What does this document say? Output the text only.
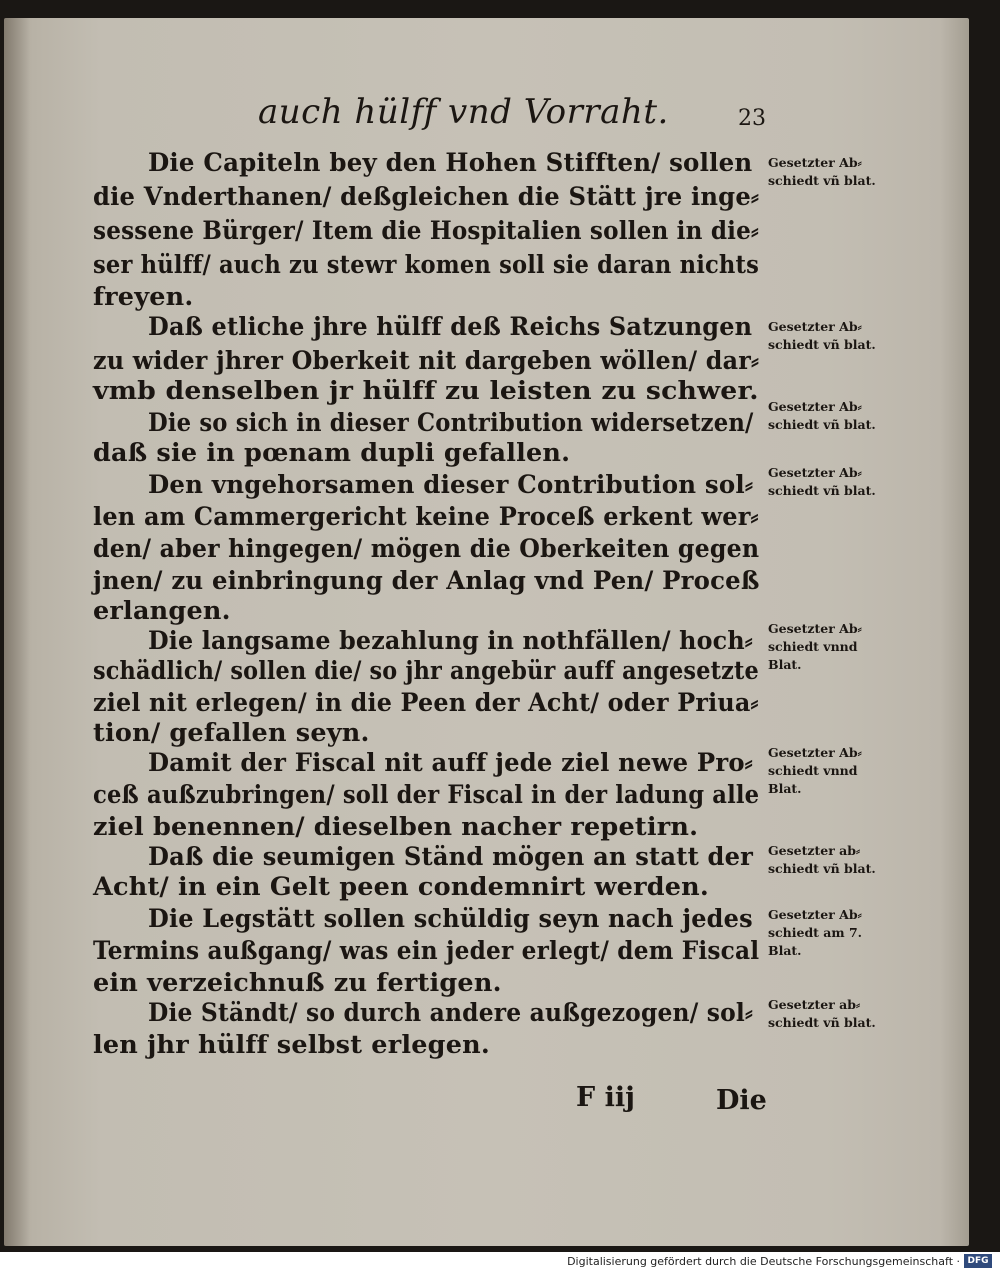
auch hülff vnd Vorraht.	23
Die Capiteln bey den Hohen Stifften/ sollen
die Vnderthanen/ deßgleichen die Stätt jre inge⸗
sessene Bürger/ Item die Hospitalien sollen in die⸗
ser hülff/ auch zu stewr komen soll sie daran nichts
freyen.
Daß etliche jhre hülff deß Reichs Satzungen
zu wider jhrer Oberkeit nit dargeben wöllen/ dar⸗
vmb denselben jr hülff zu leisten zu schwer.
Die so sich in dieser Contribution widersetzen/
daß sie in pœnam dupli gefallen.
Den vngehorsamen dieser Contribution sol⸗
len am Cammergericht keine Proceß erkent wer⸗
den/ aber hingegen/ mögen die Oberkeiten gegen
jnen/ zu einbringung der Anlag vnd Pen/ Proceß
erlangen.
Die langsame bezahlung in nothfällen/ hoch⸗
schädlich/ sollen die/ so jhr angebür auff angesetzte
ziel nit erlegen/ in die Peen der Acht/ oder Priua⸗
tion/ gefallen seyn.
Damit der Fiscal nit auff jede ziel newe Pro⸗
ceß außzubringen/ soll der Fiscal in der ladung alle
ziel benennen/ dieselben nacher repetirn.
Daß die seumigen Ständ mögen an statt der
Acht/ in ein Gelt peen condemnirt werden.
Die Legstätt sollen schüldig seyn nach jedes
Termins außgang/ was ein jeder erlegt/ dem Fiscal
ein verzeichnuß zu fertigen.
Die Ständt/ so durch andere außgezogen/ sol⸗
len jhr hülff selbst erlegen.
Gesetzter Ab⸗
schiedt vñ blat.
Gesetzter Ab⸗
schiedt vñ blat.
Gesetzter Ab⸗
schiedt vñ blat.
Gesetzter Ab⸗
schiedt vñ blat.
Gesetzter Ab⸗
schiedt vnnd
Blat.
Gesetzter Ab⸗
schiedt vnnd
Blat.
Gesetzter ab⸗
schiedt vñ blat.
Gesetzter Ab⸗
schiedt am 7.
Blat.
Gesetzter ab⸗
schiedt vñ blat.
F iij	Die
Digitalisierung gefördert durch die Deutsche Forschungsgemeinschaft · DFG
